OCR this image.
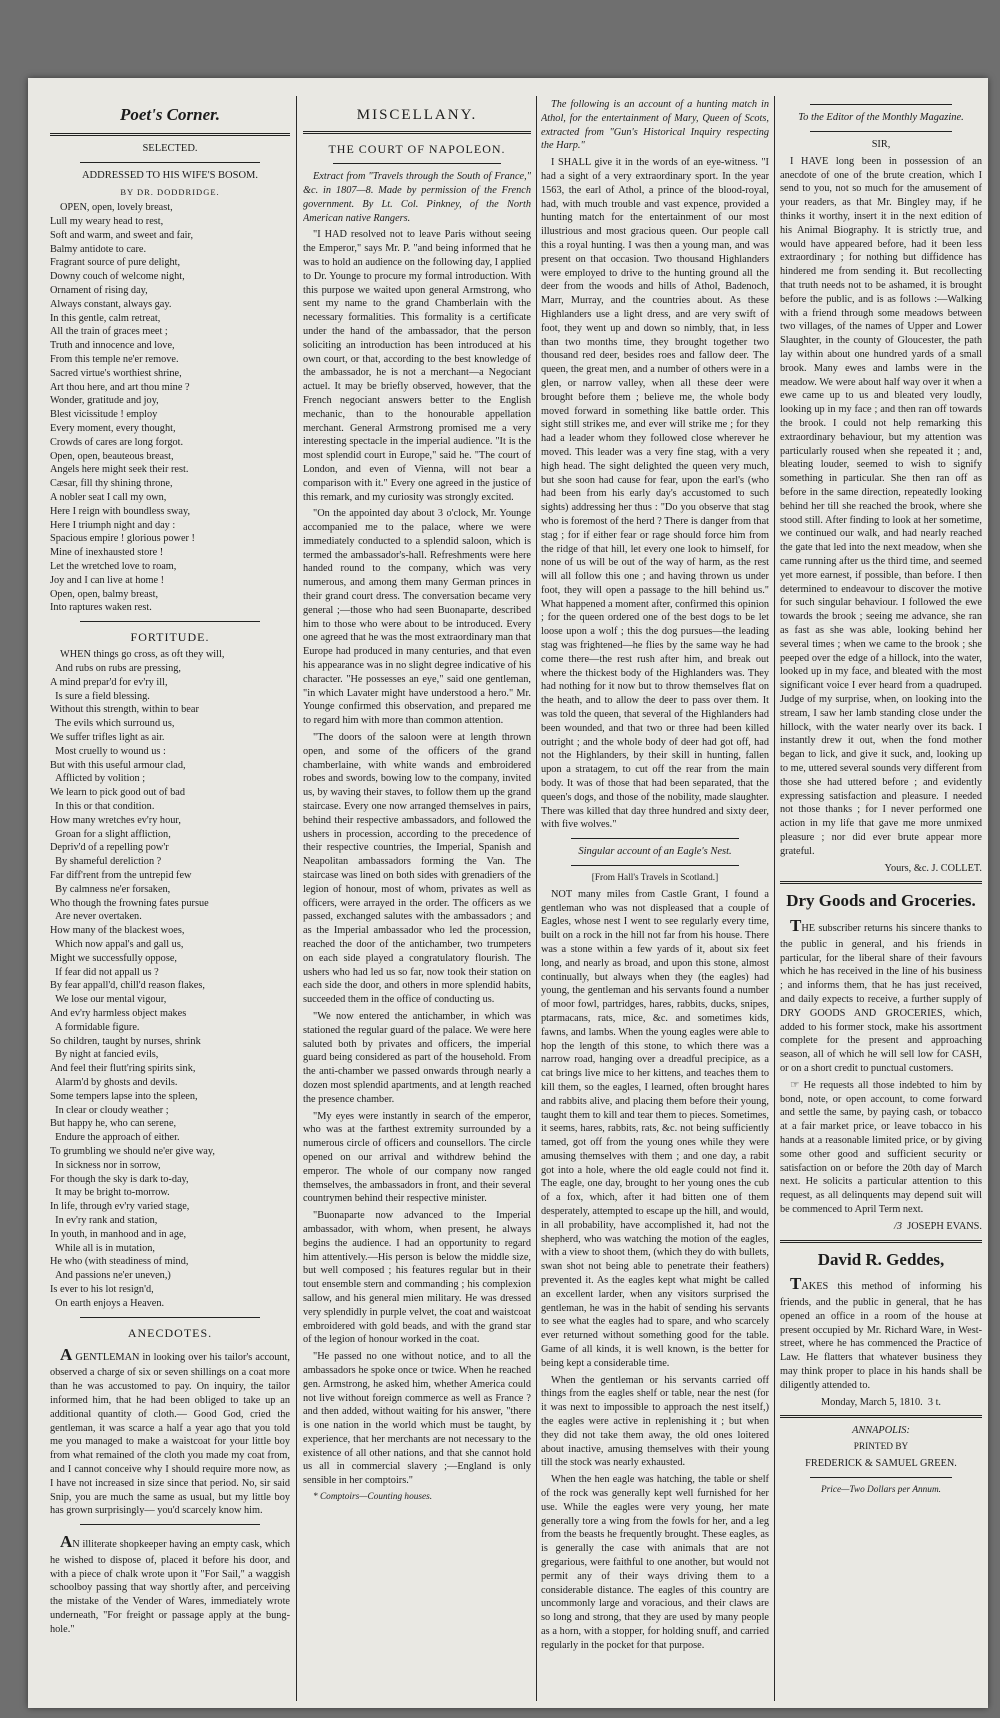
Poet's Corner.
SELECTED.
ADDRESSED TO HIS WIFE'S BOSOM.
BY DR. DODDRIDGE.

OPEN, open, lovely breast,
Lull my weary head to rest,
Soft and warm, and sweet and fair,
Balmy antidote to care.
Fragrant source of pure delight,
Downy couch of welcome night,
Ornament of rising day,
Always constant, always gay.
In this gentle, calm retreat,
All the train of graces meet ;
Truth and innocence and love,
From this temple ne'er remove.
Sacred virtue's worthiest shrine,
Art thou here, and art thou mine ?
Wonder, gratitude and joy,
Blest vicissitude ! employ
Every moment, every thought,
Crowds of cares are long forgot.
Open, open, beauteous breast,
Angels here might seek their rest.
Cæsar, fill thy shining throne,
A nobler seat I call my own,
Here I reign with boundless sway,
Here I triumph night and day :
Spacious empire ! glorious power !
Mine of inexhausted store !
Let the wretched love to roam,
Joy and I can live at home !
Open, open, balmy breast,
Into raptures waken rest.

FORTITUDE.

WHEN things go cross, as oft they will,
And rubs on rubs are pressing,
A mind prepar'd for ev'ry ill,
Is sure a field blessing.
Without this strength, within to bear
The evils which surround us,
We suffer trifles light as air.
Most cruelly to wound us :
But with this useful armour clad,
Afflicted by volition ;
We learn to pick good out of bad
In this or that condition.
How many wretches ev'ry hour,
Groan for a slight affliction,
Depriv'd of a repelling pow'r
By shameful dereliction ?
Far diff'rent from the untrepid few
By calmness ne'er forsaken,
Who though the frowning fates pursue
Are never overtaken.
How many of the blackest woes,
Which now appal's and gall us,
Might we successfully oppose,
If fear did not appall us ?
By fear appall'd, chill'd reason flakes,
We lose our mental vigour,
And ev'ry harmless object makes
A formidable figure.
So children, taught by nurses, shrink
By night at fancied evils,
And feel their flutt'ring spirits sink,
Alarm'd by ghosts and devils.
Some tempers lapse into the spleen,
In clear or cloudy weather ;
But happy he, who can serene,
Endure the approach of either.
To grumbling we should ne'er give way,
In sickness nor in sorrow,
For though the sky is dark to-day,
It may be bright to-morrow.
In life, through ev'ry varied stage,
In ev'ry rank and station,
In youth, in manhood and in age,
While all is in mutation,
He who (with steadiness of mind,
And passions ne'er uneven,)
Is ever to his lot resign'd,
On earth enjoys a Heaven.

ANECDOTES.

A GENTLEMAN in looking over his tailor's account, observed a charge of six or seven shillings on a coat more than he was accustomed to pay. On inquiry, the tailor informed him, that he had been obliged to take up an additional quantity of cloth.— Good God, cried the gentleman, it was scarce a half a year ago that you told me you managed to make a waistcoat for your little boy from what remained of the cloth you made my coat from, and I cannot conceive why I should require more now, as I have not increased in size since that period. No, sir said Snip, you are much the same as usual, but my little boy has grown surprisingly— you'd scarcely know him.

AN illiterate shopkeeper having an empty cask, which he wished to dispose of, placed it before his door, and with a piece of chalk wrote upon it "For Sail," a waggish schoolboy passing that way shortly after, and perceiving the mistake of the Vender of Wares, immediately wrote underneath, "For freight or passage apply at the bung-hole."

MISCELLANY.
THE COURT OF NAPOLEON.

Extract from "Travels through the South of France," &c. in 1807—8. Made by permission of the French government. By Lt. Col. Pinkney, of the North American native Rangers.

"I HAD resolved not to leave Paris without seeing the Emperor," says Mr. P. "and being informed that he was to hold an audience on the following day, I applied to Dr. Younge to procure my formal introduction. With this purpose we waited upon general Armstrong, who sent my name to the grand Chamberlain with the necessary formalities. This formality is a certificate under the hand of the ambassador, that the person soliciting an introduction has been introduced at his own court, or that, according to the best knowledge of the ambassador, he is not a merchant—a Negociant actuel. It may be briefly observed, however, that the French negociant answers better to the English mechanic, than to the honourable appellation merchant. General Armstrong promised me a very interesting spectacle in the imperial audience. "It is the most splendid court in Europe," said he. "The court of London, and even of Vienna, will not bear a comparison with it." Every one agreed in the justice of this remark, and my curiosity was strongly excited.

"On the appointed day about 3 o'clock, Mr. Younge accompanied me to the palace, where we were immediately conducted to a splendid saloon, which is termed the ambassador's-hall. Refreshments were here handed round to the company, which was very numerous, and among them many German princes in their grand court dress. The conversation became very general ;—those who had seen Buonaparte, described him to those who were about to be introduced. Every one agreed that he was the most extraordinary man that Europe had produced in many centuries, and that even his appearance was in no slight degree indicative of his character. "He possesses an eye," said one gentleman, "in which Lavater might have understood a hero." Mr. Younge confirmed this observation, and prepared me to regard him with more than common attention.

"The doors of the saloon were at length thrown open, and some of the officers of the grand chamberlaine, with white wands and embroidered robes and swords, bowing low to the company, invited us, by waving their staves, to follow them up the grand staircase. Every one now arranged themselves in pairs, behind their respective ambassadors, and followed the ushers in procession, according to the precedence of their respective countries, the Imperial, Spanish and Neapolitan ambassadors forming the Van. The staircase was lined on both sides with grenadiers of the legion of honour, most of whom, privates as well as officers, were arrayed in the order. The officers as we passed, exchanged salutes with the ambassadors ; and as the Imperial ambassador who led the procession, reached the door of the antichamber, two trumpeters on each side played a congratulatory flourish. The ushers who had led us so far, now took their station on each side the door, and others in more splendid habits, succeeded them in the office of conducting us.

"We now entered the antichamber, in which was stationed the regular guard of the palace. We were here saluted both by privates and officers, the imperial guard being considered as part of the household. From the anti-chamber we passed onwards through nearly a dozen most splendid apartments, and at length reached the presence chamber.

"My eyes were instantly in search of the emperor, who was at the farthest extremity surrounded by a numerous circle of officers and counsellors. The circle opened on our arrival and withdrew behind the emperor. The whole of our company now ranged themselves, the ambassadors in front, and their several countrymen behind their respective minister.

"Buonaparte now advanced to the Imperial ambassador, with whom, when present, he always begins the audience. I had an opportunity to regard him attentively.—His person is below the middle size, but well composed ; his features regular but in their tout ensemble stern and commanding ; his complexion sallow, and his general mien military. He was dressed very splendidly in purple velvet, the coat and waistcoat embroidered with gold beads, and with the grand star of the legion of honour worked in the coat.

"He passed no one without notice, and to all the ambassadors he spoke once or twice. When he reached gen. Armstrong, he asked him, whether America could not live without foreign commerce as well as France ? and then added, without waiting for his answer, "there is one nation in the world which must be taught, by experience, that her merchants are not necessary to the existence of all other nations, and that she cannot hold us all in commercial slavery ;—England is only sensible in her comptoirs."

* Comptoirs—Counting houses.

The following is an account of a hunting match in Athol, for the entertainment of Mary, Queen of Scots, extracted from "Gun's Historical Inquiry respecting the Harp."

I SHALL give it in the words of an eye-witness. "I had a sight of a very extraordinary sport. In the year 1563, the earl of Athol, a prince of the blood-royal, had, with much trouble and vast expence, provided a hunting match for the entertainment of our most illustrious and most gracious queen. Our people call this a royal hunting. I was then a young man, and was present on that occasion. Two thousand Highlanders were employed to drive to the hunting ground all the deer from the woods and hills of Athol, Badenoch, Marr, Murray, and the countries about. As these Highlanders use a light dress, and are very swift of foot, they went up and down so nimbly, that, in less than two months time, they brought together two thousand red deer, besides roes and fallow deer. The queen, the great men, and a number of others were in a glen, or narrow valley, when all these deer were brought before them ; believe me, the whole body moved forward in something like battle order. This sight still strikes me, and ever will strike me ; for they had a leader whom they followed close wherever he moved. This leader was a very fine stag, with a very high head. The sight delighted the queen very much, but she soon had cause for fear, upon the earl's (who had been from his early day's accustomed to such sights) addressing her thus : "Do you observe that stag who is foremost of the herd ? There is danger from that stag ; for if either fear or rage should force him from the ridge of that hill, let every one look to himself, for none of us will be out of the way of harm, as the rest will all follow this one ; and having thrown us under foot, they will open a passage to the hill behind us." What happened a moment after, confirmed this opinion ; for the queen ordered one of the best dogs to be let loose upon a wolf ; this the dog pursues—the leading stag was frightened—he flies by the same way he had come there—the rest rush after him, and break out where the thickest body of the Highlanders was. They had nothing for it now but to throw themselves flat on the heath, and to allow the deer to pass over them. It was told the queen, that several of the Highlanders had been wounded, and that two or three had been killed outright ; and the whole body of deer had got off, had not the Highlanders, by their skill in hunting, fallen upon a stratagem, to cut off the rear from the main body. It was of those that had been separated, that the queen's dogs, and those of the nobility, made slaughter. There was killed that day three hundred and sixty deer, with five wolves."

Singular account of an Eagle's Nest.

[From Hall's Travels in Scotland.]

NOT many miles from Castle Grant, I found a gentleman who was not displeased that a couple of Eagles, whose nest I went to see regularly every time, built on a rock in the hill not far from his house. There was a stone within a few yards of it, about six feet long, and nearly as broad, and upon this stone, almost continually, but always when they (the eagles) had young, the gentleman and his servants found a number of moor fowl, partridges, hares, rabbits, ducks, snipes, ptarmacans, rats, mice, &c. and sometimes kids, fawns, and lambs. When the young eagles were able to hop the length of this stone, to which there was a narrow road, hanging over a dreadful precipice, as a cat brings live mice to her kittens, and teaches them to kill them, so the eagles, I learned, often brought hares and rabbits alive, and placing them before their young, taught them to kill and tear them to pieces. Sometimes, it seems, hares, rabbits, rats, &c. not being sufficiently tamed, got off from the young ones while they were amusing themselves with them ; and one day, a rabit got into a hole, where the old eagle could not find it. The eagle, one day, brought to her young ones the cub of a fox, which, after it had bitten one of them desperately, attempted to escape up the hill, and would, in all probability, have accomplished it, had not the shepherd, who was watching the motion of the eagles, with a view to shoot them, (which they do with bullets, swan shot not being able to penetrate their feathers) prevented it. As the eagles kept what might be called an excellent larder, when any visitors surprised the gentleman, he was in the habit of sending his servants to see what the eagles had to spare, and who scarcely ever returned without something good for the table. Game of all kinds, it is well known, is the better for being kept a considerable time.

When the gentleman or his servants carried off things from the eagles shelf or table, near the nest (for it was next to impossible to approach the nest itself,) the eagles were active in replenishing it ; but when they did not take them away, the old ones loitered about inactive, amusing themselves with their young till the stock was nearly exhausted.

When the hen eagle was hatching, the table or shelf of the rock was generally kept well furnished for her use. While the eagles were very young, her mate generally tore a wing from the fowls for her, and a leg from the beasts he frequently brought. These eagles, as is generally the case with animals that are not gregarious, were faithful to one another, but would not permit any of their ways driving them to a considerable distance. The eagles of this country are uncommonly large and voracious, and their claws are so long and strong, that they are used by many people as a horn, with a stopper, for holding snuff, and carried regularly in the pocket for that purpose.

To the Editor of the Monthly Magazine.

SIR,

I HAVE long been in possession of an anecdote of one of the brute creation, which I send to you, not so much for the amusement of your readers, as that Mr. Bingley may, if he thinks it worthy, insert it in the next edition of his Animal Biography. It is strictly true, and would have appeared before, had it been less extraordinary ; for nothing but diffidence has hindered me from sending it. But recollecting that truth needs not to be ashamed, it is brought before the public, and is as follows :—Walking with a friend through some meadows between two villages, of the names of Upper and Lower Slaughter, in the county of Gloucester, the path lay within about one hundred yards of a small brook. Many ewes and lambs were in the meadow. We were about half way over it when a ewe came up to us and bleated very loudly, looking up in my face ; and then ran off towards the brook. I could not help remarking this extraordinary behaviour, but my attention was particularly roused when she repeated it ; and, bleating louder, seemed to wish to signify something in particular. She then ran off as before in the same direction, repeatedly looking behind her till she reached the brook, where she stood still. After finding to look at her sometime, we continued our walk, and had nearly reached the gate that led into the next meadow, when she came running after us the third time, and seemed yet more earnest, if possible, than before. I then determined to endeavour to discover the motive for such singular behaviour. I followed the ewe towards the brook ; seeing me advance, she ran as fast as she was able, looking behind her several times ; when we came to the brook ; she peeped over the edge of a hillock, into the water, looked up in my face, and bleated with the most significant voice I ever heard from a quadruped. Judge of my surprise, when, on looking into the stream, I saw her lamb standing close under the hillock, with the water nearly over its back. I instantly drew it out, when the fond mother began to lick, and give it suck, and, looking up to me, uttered several sounds very different from those she had uttered before ; and evidently expressing satisfaction and pleasure. I needed not those thanks ; for I never performed one action in my life that gave me more unmixed pleasure ; nor did ever brute appear more grateful.

Yours, &c. J. COLLET.

Dry Goods and Groceries.

THE subscriber returns his sincere thanks to the public in general, and his friends in particular, for the liberal share of their favours which he has received in the line of his business ; and informs them, that he has just received, and daily expects to receive, a further supply of DRY GOODS AND GROCERIES, which, added to his former stock, make his assortment complete for the present and approaching season, all of which he will sell low for CASH, or on a short credit to punctual customers.

☞ He requests all those indebted to him by bond, note, or open account, to come forward and settle the same, by paying cash, or tobacco at a fair market price, or leave tobacco in his hands at a reasonable limited price, or by giving some other good and sufficient security or satisfaction on or before the 20th day of March next. He solicits a particular attention to this request, as all delinquents may depend suit will be commenced to April Term next.

/3 JOSEPH EVANS.

David R. Geddes,

TAKES this method of informing his friends, and the public in general, that he has opened an office in a room of the house at present occupied by Mr. Richard Ware, in West-street, where he has commenced the Practice of Law. He flatters that whatever business they may think proper to place in his hands shall be diligently attended to.

Monday, March 5, 1810. 3 t.

ANNAPOLIS:

PRINTED BY

FREDERICK & SAMUEL GREEN.

Price—Two Dollars per Annum.
